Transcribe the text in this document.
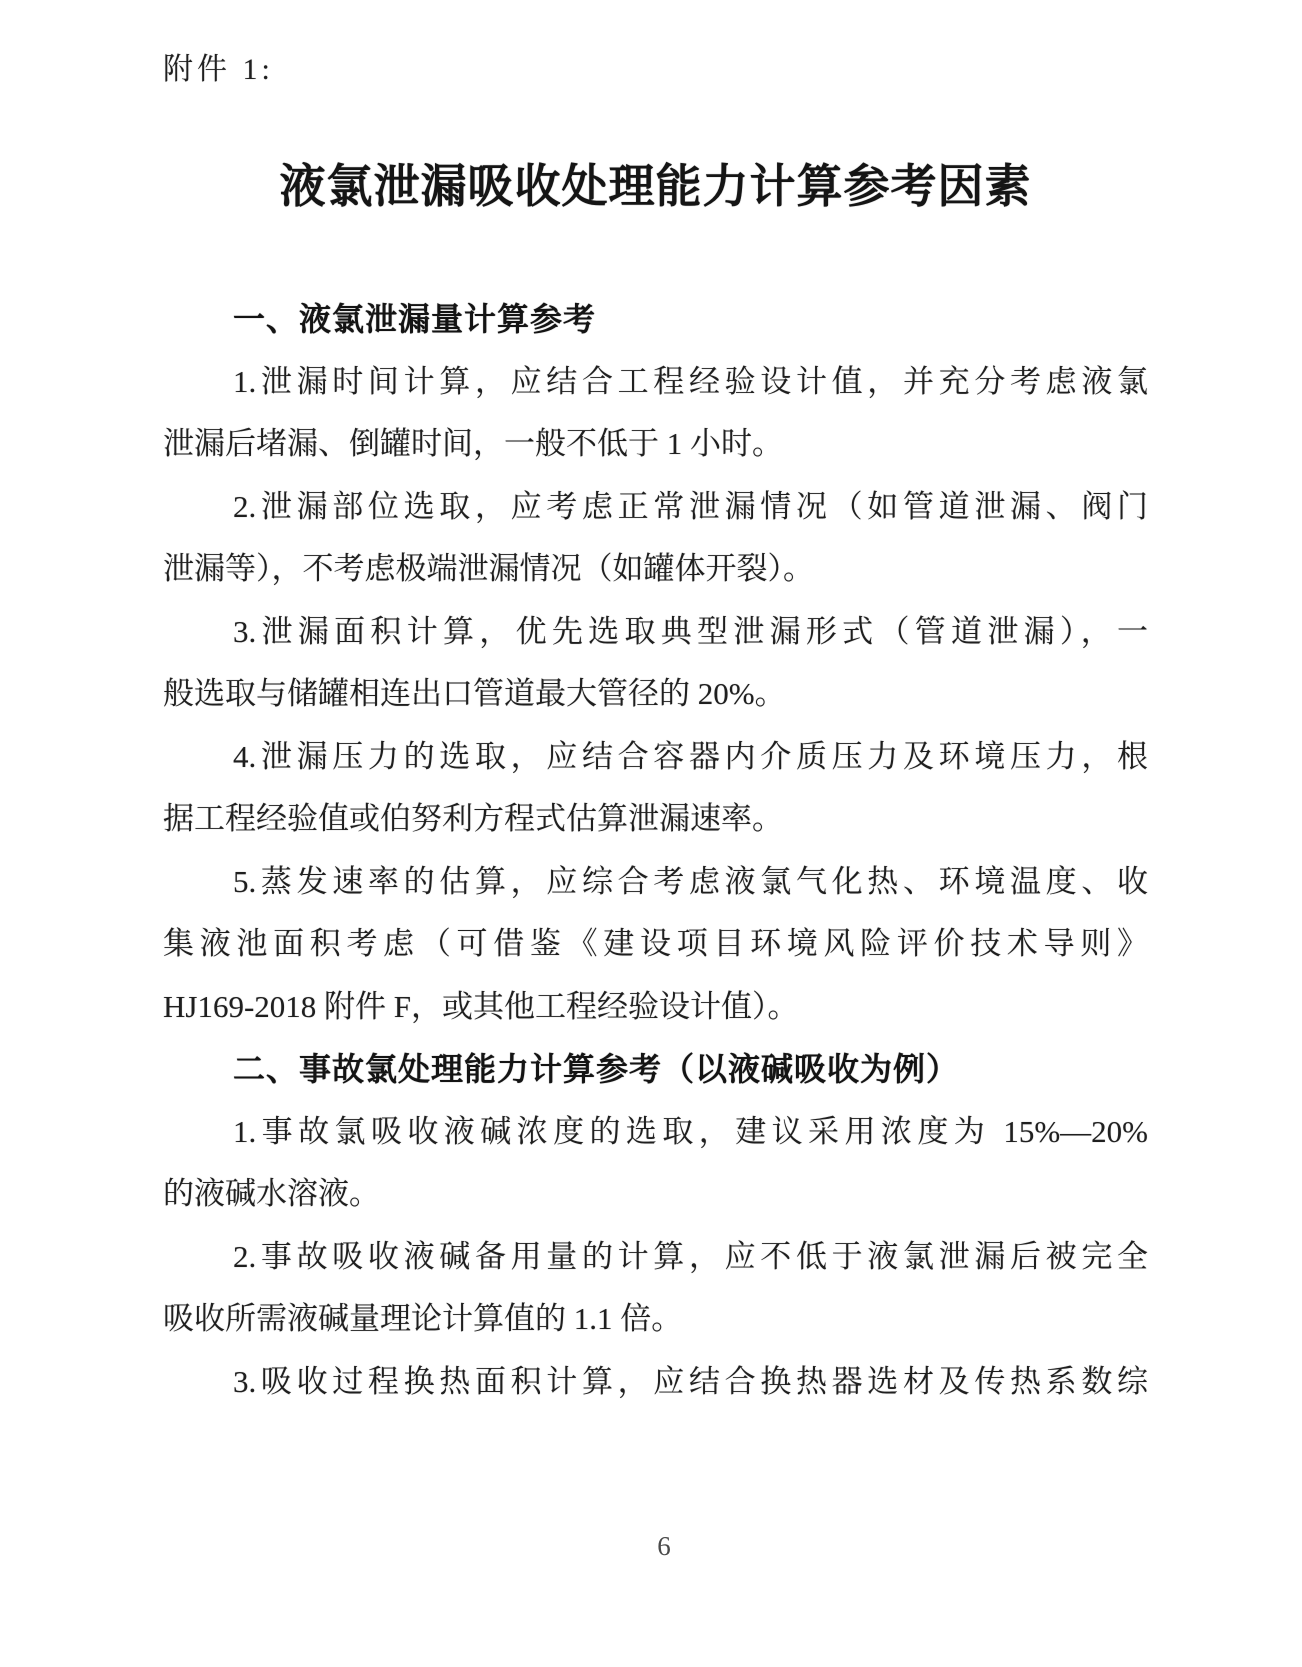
附件 1:
液氯泄漏吸收处理能力计算参考因素
一、液氯泄漏量计算参考
1.泄漏时间计算，应结合工程经验设计值，并充分考虑液氯
泄漏后堵漏、倒罐时间，一般不低于 1 小时。
2.泄漏部位选取，应考虑正常泄漏情况（如管道泄漏、阀门
泄漏等），不考虑极端泄漏情况（如罐体开裂）。
3.泄漏面积计算，优先选取典型泄漏形式（管道泄漏），一
般选取与储罐相连出口管道最大管径的 20%。
4.泄漏压力的选取，应结合容器内介质压力及环境压力，根
据工程经验值或伯努利方程式估算泄漏速率。
5.蒸发速率的估算，应综合考虑液氯气化热、环境温度、收
集液池面积考虑（可借鉴《建设项目环境风险评价技术导则》
HJ169-2018 附件 F，或其他工程经验设计值）。
二、事故氯处理能力计算参考（以液碱吸收为例）
1.事故氯吸收液碱浓度的选取，建议采用浓度为 15%—20%
的液碱水溶液。
2.事故吸收液碱备用量的计算，应不低于液氯泄漏后被完全
吸收所需液碱量理论计算值的 1.1 倍。
3.吸收过程换热面积计算，应结合换热器选材及传热系数综
6
